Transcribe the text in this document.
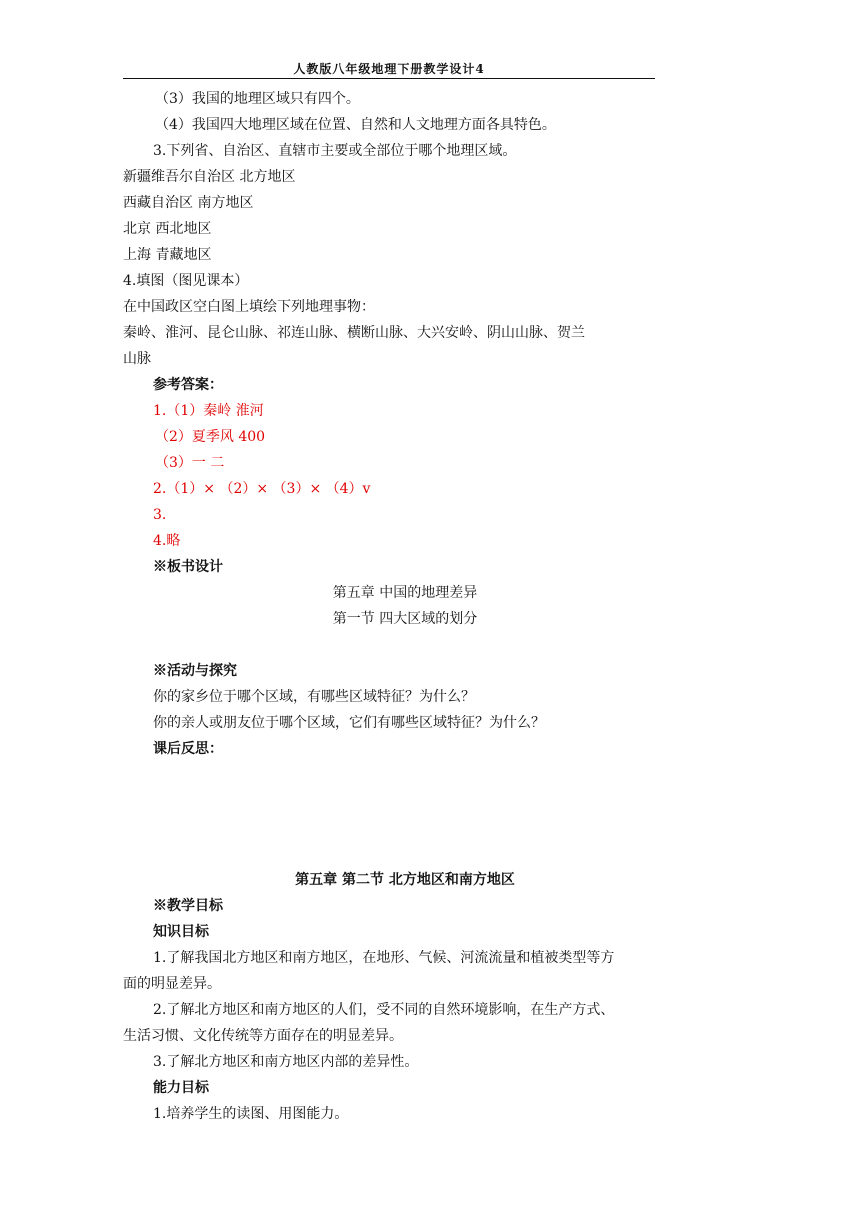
人教版八年级地理下册教学设计4
（3）我国的地理区域只有四个。
（4）我国四大地理区域在位置、自然和人文地理方面各具特色。
3.下列省、自治区、直辖市主要或全部位于哪个地理区域。
新疆维吾尔自治区 北方地区
西藏自治区 南方地区
北京 西北地区
上海 青藏地区
4.填图（图见课本）
在中国政区空白图上填绘下列地理事物：
秦岭、淮河、昆仑山脉、祁连山脉、横断山脉、大兴安岭、阴山山脉、贺兰
山脉
参考答案：
1.（1）秦岭 淮河
（2）夏季风 400
（3）一 二
2.（1）× （2）× （3）× （4）v
3.
4.略
※板书设计
第五章 中国的地理差异
第一节 四大区域的划分
※活动与探究
你的家乡位于哪个区域，有哪些区域特征？为什么？
你的亲人或朋友位于哪个区域，它们有哪些区域特征？为什么？
课后反思：
第五章 第二节 北方地区和南方地区
※教学目标
知识目标
1.了解我国北方地区和南方地区，在地形、气候、河流流量和植被类型等方
面的明显差异。
2.了解北方地区和南方地区的人们，受不同的自然环境影响，在生产方式、
生活习惯、文化传统等方面存在的明显差异。
3.了解北方地区和南方地区内部的差异性。
能力目标
1.培养学生的读图、用图能力。
